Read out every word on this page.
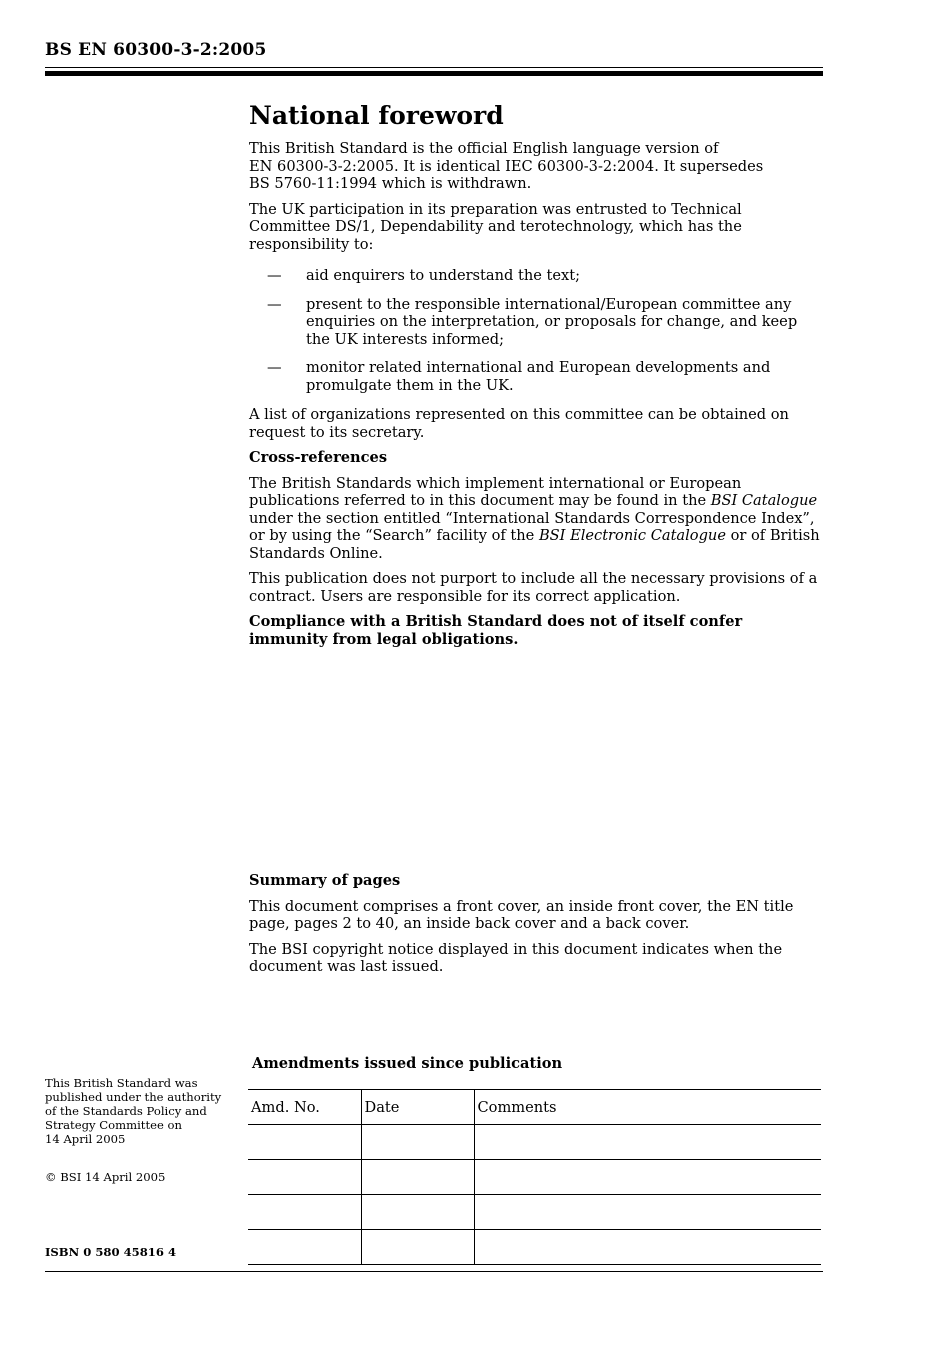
BS EN 60300-3-2:2005
National foreword

This British Standard is the official English language version of
EN 60300-3-2:2005. It is identical IEC 60300-3-2:2004. It supersedes
BS 5760-11:1994 which is withdrawn.

The UK participation in its preparation was entrusted to Technical Committee DS/1, Dependability and terotechnology, which has the responsibility to:

—	aid enquirers to understand the text;
—	present to the responsible international/European committee any enquiries on the interpretation, or proposals for change, and keep the UK interests informed;
—	monitor related international and European developments and promulgate them in the UK.

A list of organizations represented on this committee can be obtained on request to its secretary.

Cross-references

The British Standards which implement international or European publications referred to in this document may be found in the BSI Catalogue under the section entitled “International Standards Correspondence Index”, or by using the “Search” facility of the BSI Electronic Catalogue or of British Standards Online.

This publication does not purport to include all the necessary provisions of a contract. Users are responsible for its correct application.

Compliance with a British Standard does not of itself confer immunity from legal obligations.

Summary of pages

This document comprises a front cover, an inside front cover, the EN title page, pages 2 to 40, an inside back cover and a back cover.

The BSI copyright notice displayed in this document indicates when the document was last issued.

This British Standard was
published under the authority
of the Standards Policy and
Strategy Committee on
14 April 2005
© BSI 14 April 2005
ISBN 0 580 45816 4
Amendments issued since publication
Amd. No.	Date	Comments
